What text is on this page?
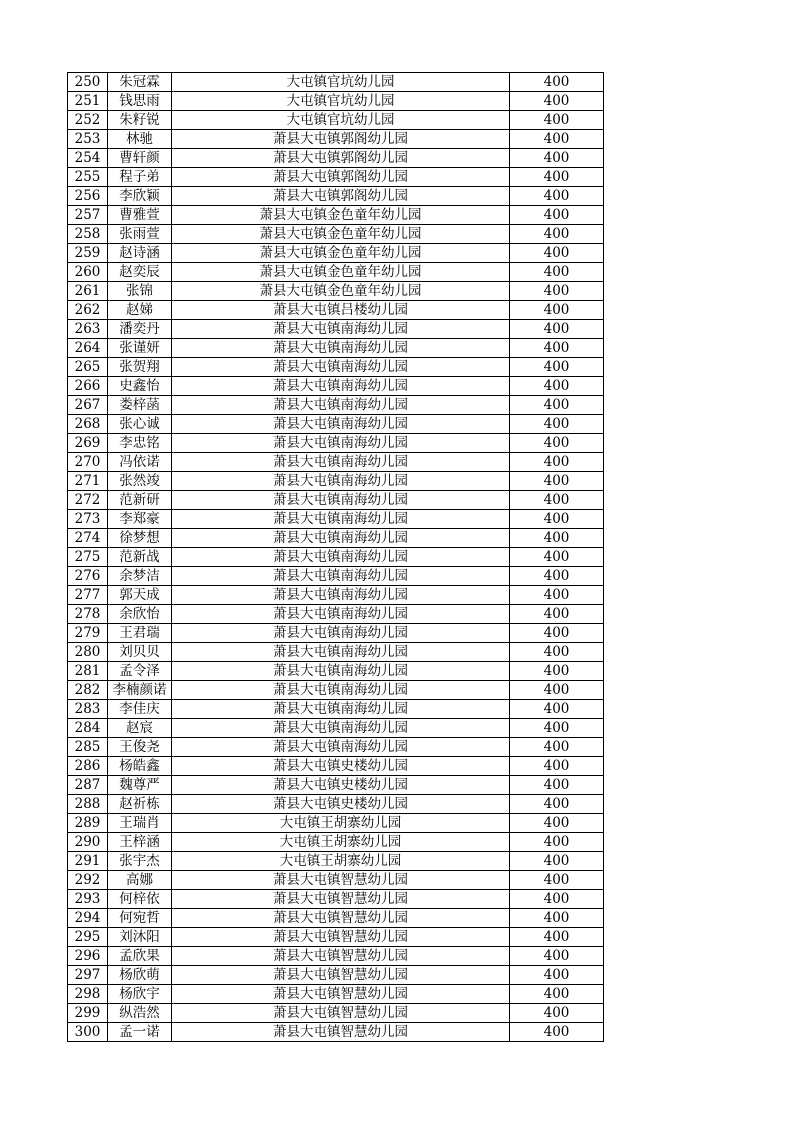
250	朱冠霖	大屯镇官坑幼儿园	400
251	钱思雨	大屯镇官坑幼儿园	400
252	朱籽锐	大屯镇官坑幼儿园	400
253	林驰	萧县大屯镇郭阁幼儿园	400
254	曹轩颜	萧县大屯镇郭阁幼儿园	400
255	程子弟	萧县大屯镇郭阁幼儿园	400
256	李欣颖	萧县大屯镇郭阁幼儿园	400
257	曹雅萱	萧县大屯镇金色童年幼儿园	400
258	张雨萱	萧县大屯镇金色童年幼儿园	400
259	赵诗涵	萧县大屯镇金色童年幼儿园	400
260	赵奕辰	萧县大屯镇金色童年幼儿园	400
261	张锦	萧县大屯镇金色童年幼儿园	400
262	赵娣	萧县大屯镇吕楼幼儿园	400
263	潘奕丹	萧县大屯镇南海幼儿园	400
264	张谨妍	萧县大屯镇南海幼儿园	400
265	张贺翔	萧县大屯镇南海幼儿园	400
266	史鑫怡	萧县大屯镇南海幼儿园	400
267	娄梓菡	萧县大屯镇南海幼儿园	400
268	张心诚	萧县大屯镇南海幼儿园	400
269	李忠铭	萧县大屯镇南海幼儿园	400
270	冯依诺	萧县大屯镇南海幼儿园	400
271	张然竣	萧县大屯镇南海幼儿园	400
272	范新研	萧县大屯镇南海幼儿园	400
273	李郑豪	萧县大屯镇南海幼儿园	400
274	徐梦想	萧县大屯镇南海幼儿园	400
275	范新战	萧县大屯镇南海幼儿园	400
276	余梦洁	萧县大屯镇南海幼儿园	400
277	郭天成	萧县大屯镇南海幼儿园	400
278	余欣怡	萧县大屯镇南海幼儿园	400
279	王君瑞	萧县大屯镇南海幼儿园	400
280	刘贝贝	萧县大屯镇南海幼儿园	400
281	孟令泽	萧县大屯镇南海幼儿园	400
282	李楠颜诺	萧县大屯镇南海幼儿园	400
283	李佳庆	萧县大屯镇南海幼儿园	400
284	赵宸	萧县大屯镇南海幼儿园	400
285	王俊尧	萧县大屯镇南海幼儿园	400
286	杨皓鑫	萧县大屯镇史楼幼儿园	400
287	魏尊严	萧县大屯镇史楼幼儿园	400
288	赵祈栋	萧县大屯镇史楼幼儿园	400
289	王瑞肖	大屯镇王胡寨幼儿园	400
290	王梓涵	大屯镇王胡寨幼儿园	400
291	张宇杰	大屯镇王胡寨幼儿园	400
292	高娜	萧县大屯镇智慧幼儿园	400
293	何梓依	萧县大屯镇智慧幼儿园	400
294	何宛哲	萧县大屯镇智慧幼儿园	400
295	刘沐阳	萧县大屯镇智慧幼儿园	400
296	孟欣果	萧县大屯镇智慧幼儿园	400
297	杨欣萌	萧县大屯镇智慧幼儿园	400
298	杨欣宇	萧县大屯镇智慧幼儿园	400
299	纵浩然	萧县大屯镇智慧幼儿园	400
300	孟一诺	萧县大屯镇智慧幼儿园	400
